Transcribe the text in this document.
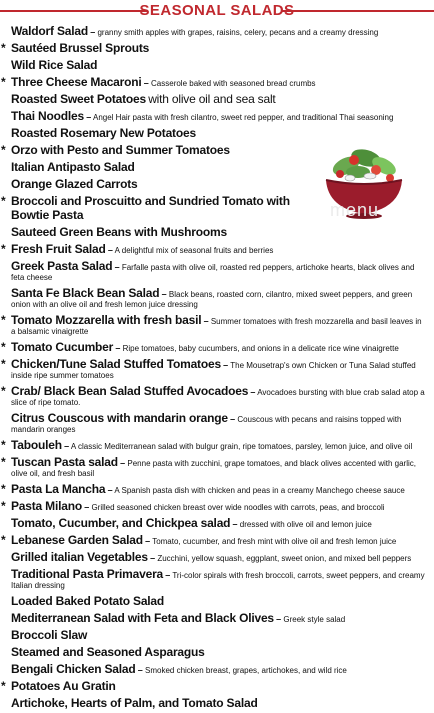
SEASONAL SALADS
Waldorf Salad – granny smith apples with grapes, raisins, celery, pecans and a creamy dressing
* Sautéed Brussel Sprouts
Wild Rice Salad
* Three Cheese Macaroni – Casserole baked with seasoned bread crumbs
Roasted Sweet Potatoes with olive oil and sea salt
Thai Noodles – Angel Hair pasta with fresh cilantro, sweet red pepper, and traditional Thai seasoning
Roasted Rosemary New Potatoes
* Orzo with Pesto and Summer Tomatoes
Italian Antipasto Salad
Orange Glazed Carrots
* Broccoli and Proscuitto and Sundried Tomato with Bowtie Pasta
Sauteed Green Beans with Mushrooms
* Fresh Fruit Salad – A delightful mix of seasonal fruits and berries
Greek Pasta Salad – Farfalle pasta with olive oil, roasted red peppers, artichoke hearts, black olives and feta cheese
Santa Fe Black Bean Salad – Black beans, roasted corn, cilantro, mixed sweet peppers, and green onion with an olive oil and fresh lemon juice dressing
* Tomato Mozzarella with fresh basil – Summer tomatoes with fresh mozzarella and basil leaves in a balsamic vinaigrette
* Tomato Cucumber – Ripe tomatoes, baby cucumbers, and onions in a delicate rice wine vinaigrette
* Chicken/Tune Salad Stuffed Tomatoes – The Mousetrap's own Chicken or Tuna Salad stuffed inside ripe summer tomatoes
* Crab/ Black Bean Salad Stuffed Avocadoes – Avocadoes bursting with blue crab salad atop a slice of ripe tomato.
Citrus Couscous with mandarin orange – Couscous with pecans and raisins topped with mandarin oranges
* Tabouleh – A classic Mediterranean salad with bulgur grain, ripe tomatoes, parsley, lemon juice, and olive oil
* Tuscan Pasta salad – Penne pasta with zucchini, grape tomatoes, and black olives accented with garlic, olive oil, and fresh basil
* Pasta La Mancha – A Spanish pasta dish with chicken and peas in a creamy Manchego cheese sauce
* Pasta Milano – Grilled seasoned chicken breast over wide noodles with carrots, peas, and broccoli
Tomato, Cucumber, and Chickpea salad – dressed with olive oil and lemon juice
* Lebanese Garden Salad – Tomato, cucumber, and fresh mint with olive oil and fresh lemon juice
Grilled italian Vegetables – Zucchini, yellow squash, eggplant, sweet onion, and mixed bell peppers
Traditional Pasta Primavera – Tri-color spirals with fresh broccoli, carrots, sweet peppers, and creamy Italian dressing
Loaded Baked Potato Salad
Mediterranean Salad with Feta and Black Olives – Greek style salad
Broccoli Slaw
Steamed and Seasoned Asparagus
Bengali Chicken Salad – Smoked chicken breast, grapes, artichokes, and wild rice
* Potatoes Au Gratin
Artichoke, Hearts of Palm, and Tomato Salad
menu
